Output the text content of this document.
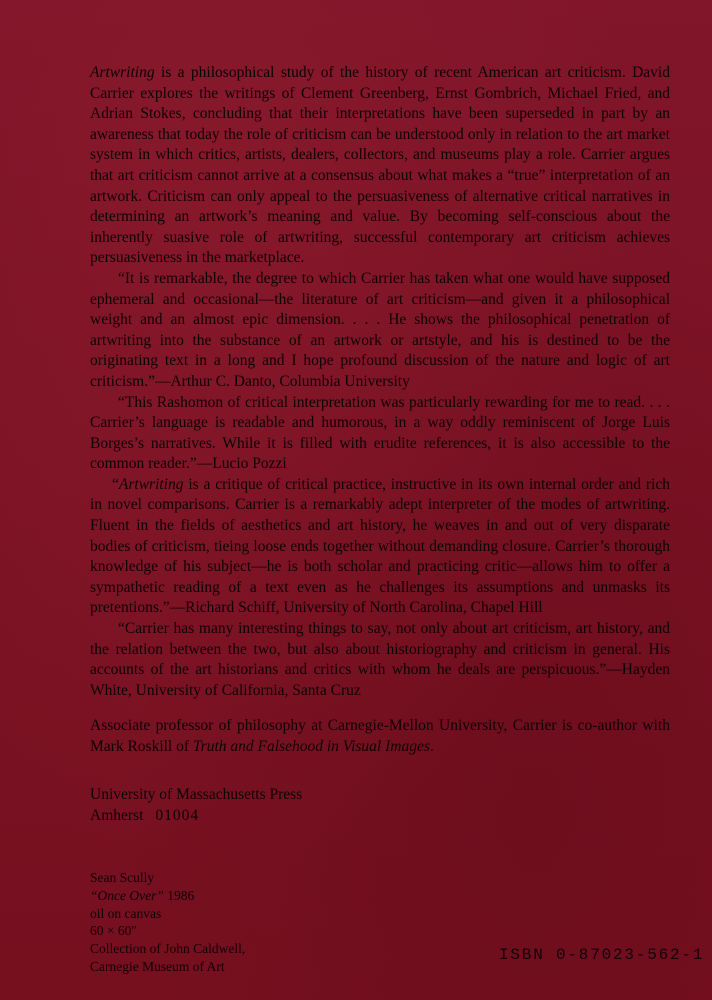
Artwriting is a philosophical study of the history of recent American art criticism. David Carrier explores the writings of Clement Greenberg, Ernst Gombrich, Michael Fried, and Adrian Stokes, concluding that their interpretations have been superseded in part by an awareness that today the role of criticism can be understood only in relation to the art market system in which critics, artists, dealers, collectors, and museums play a role. Carrier argues that art criticism cannot arrive at a consensus about what makes a “true” interpretation of an artwork. Criticism can only appeal to the persuasiveness of alternative critical narratives in determining an artwork’s meaning and value. By becoming self-conscious about the inherently suasive role of artwriting, successful contemporary art criticism achieves persuasiveness in the marketplace.

“It is remarkable, the degree to which Carrier has taken what one would have supposed ephemeral and occasional—the literature of art criticism—and given it a philosophical weight and an almost epic dimension. . . . He shows the philosophical penetration of artwriting into the substance of an artwork or artstyle, and his is destined to be the originating text in a long and I hope profound discussion of the nature and logic of art criticism.”—Arthur C. Danto, Columbia University

“This Rashomon of critical interpretation was particularly rewarding for me to read. . . . Carrier’s language is readable and humorous, in a way oddly reminiscent of Jorge Luis Borges’s narratives. While it is filled with erudite references, it is also accessible to the common reader.”—Lucio Pozzi

“Artwriting is a critique of critical practice, instructive in its own internal order and rich in novel comparisons. Carrier is a remarkably adept interpreter of the modes of artwriting. Fluent in the fields of aesthetics and art history, he weaves in and out of very disparate bodies of criticism, tieing loose ends together without demanding closure. Carrier’s thorough knowledge of his subject—he is both scholar and practicing critic—allows him to offer a sympathetic reading of a text even as he challenges its assumptions and unmasks its pretentions.”—Richard Schiff, University of North Carolina, Chapel Hill

“Carrier has many interesting things to say, not only about art criticism, art history, and the relation between the two, but also about historiography and criticism in general. His accounts of the art historians and critics with whom he deals are perspicuous.”—Hayden White, University of California, Santa Cruz

Associate professor of philosophy at Carnegie-Mellon University, Carrier is co-author with Mark Roskill of Truth and Falsehood in Visual Images.

University of Massachusetts Press
Amherst 01004
Sean Scully
“Once Over” 1986
oil on canvas
60 × 60″
Collection of John Caldwell,
Carnegie Museum of Art
ISBN 0-87023-562-1
